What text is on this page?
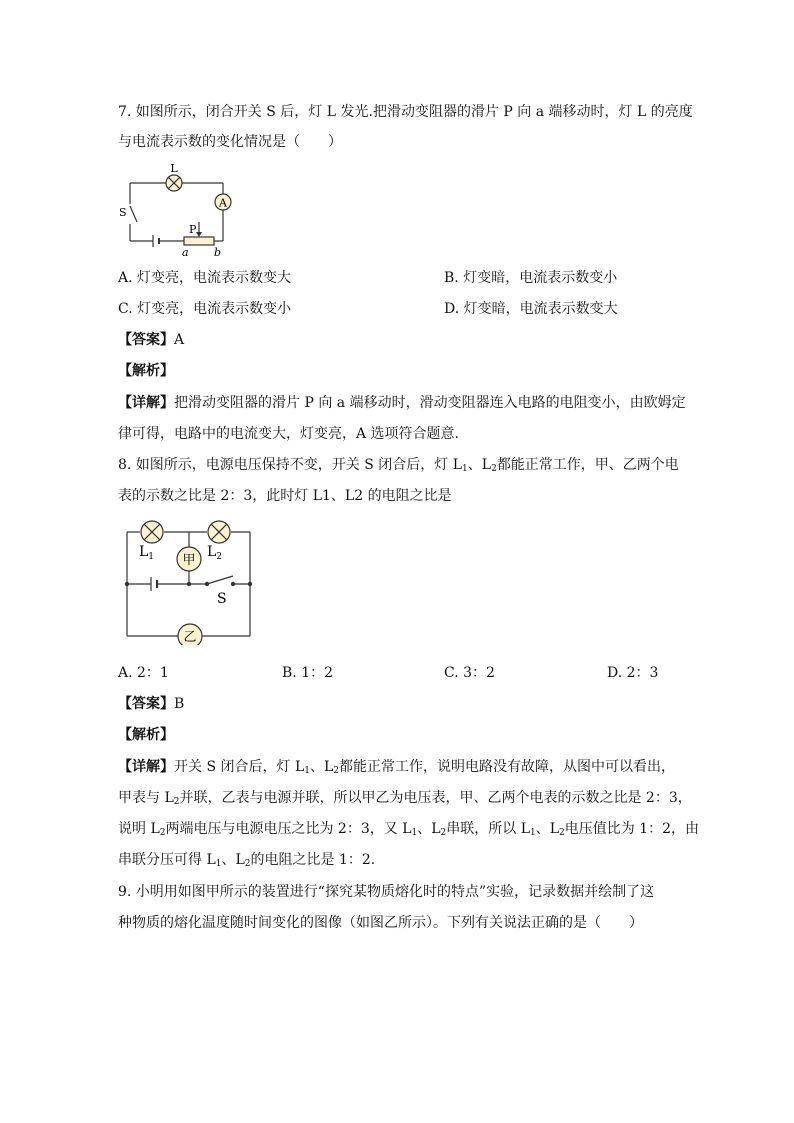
7. 如图所示，闭合开关 S 后，灯 L 发光.把滑动变阻器的滑片 P 向 a 端移动时，灯 L 的亮度
与电流表示数的变化情况是（　　）
A
L
S
P
a b
A. 灯变亮，电流表示数变大	B. 灯变暗，电流表示数变小
C. 灯变亮，电流表示数变小	D. 灯变暗，电流表示数变大
【答案】A
【解析】
【详解】把滑动变阻器的滑片 P 向 a 端移动时，滑动变阻器连入电路的电阻变小，由欧姆定
律可得，电路中的电流变大，灯变亮，A 选项符合题意.
8. 如图所示，电源电压保持不变，开关 S 闭合后，灯 $L_1$、$L_2$都能正常工作，甲、乙两个电
表的示数之比是 2：3，此时灯 L1、L2 的电阻之比是
甲
乙
$L_1$	$L_2$
S
A. 2：1	B. 1：2	C. 3：2	D. 2：3
【答案】B
【解析】
【详解】开关 S 闭合后，灯 $L_1$、$L_2$都能正常工作，说明电路没有故障，从图中可以看出，
甲表与 $L_2$并联，乙表与电源并联，所以甲乙为电压表，甲、乙两个电表的示数之比是 2：3，
说明 $L_2$两端电压与电源电压之比为 2：3，又 $L_1$、$L_2$串联，所以 $L_1$、$L_2$电压值比为 1：2，由
串联分压可得 $L_1$、$L_2$的电阻之比是 1：2.
9. 小明用如图甲所示的装置进行“探究某物质熔化时的特点”实验，记录数据并绘制了这
种物质的熔化温度随时间变化的图像（如图乙所示）。下列有关说法正确的是（　　）
